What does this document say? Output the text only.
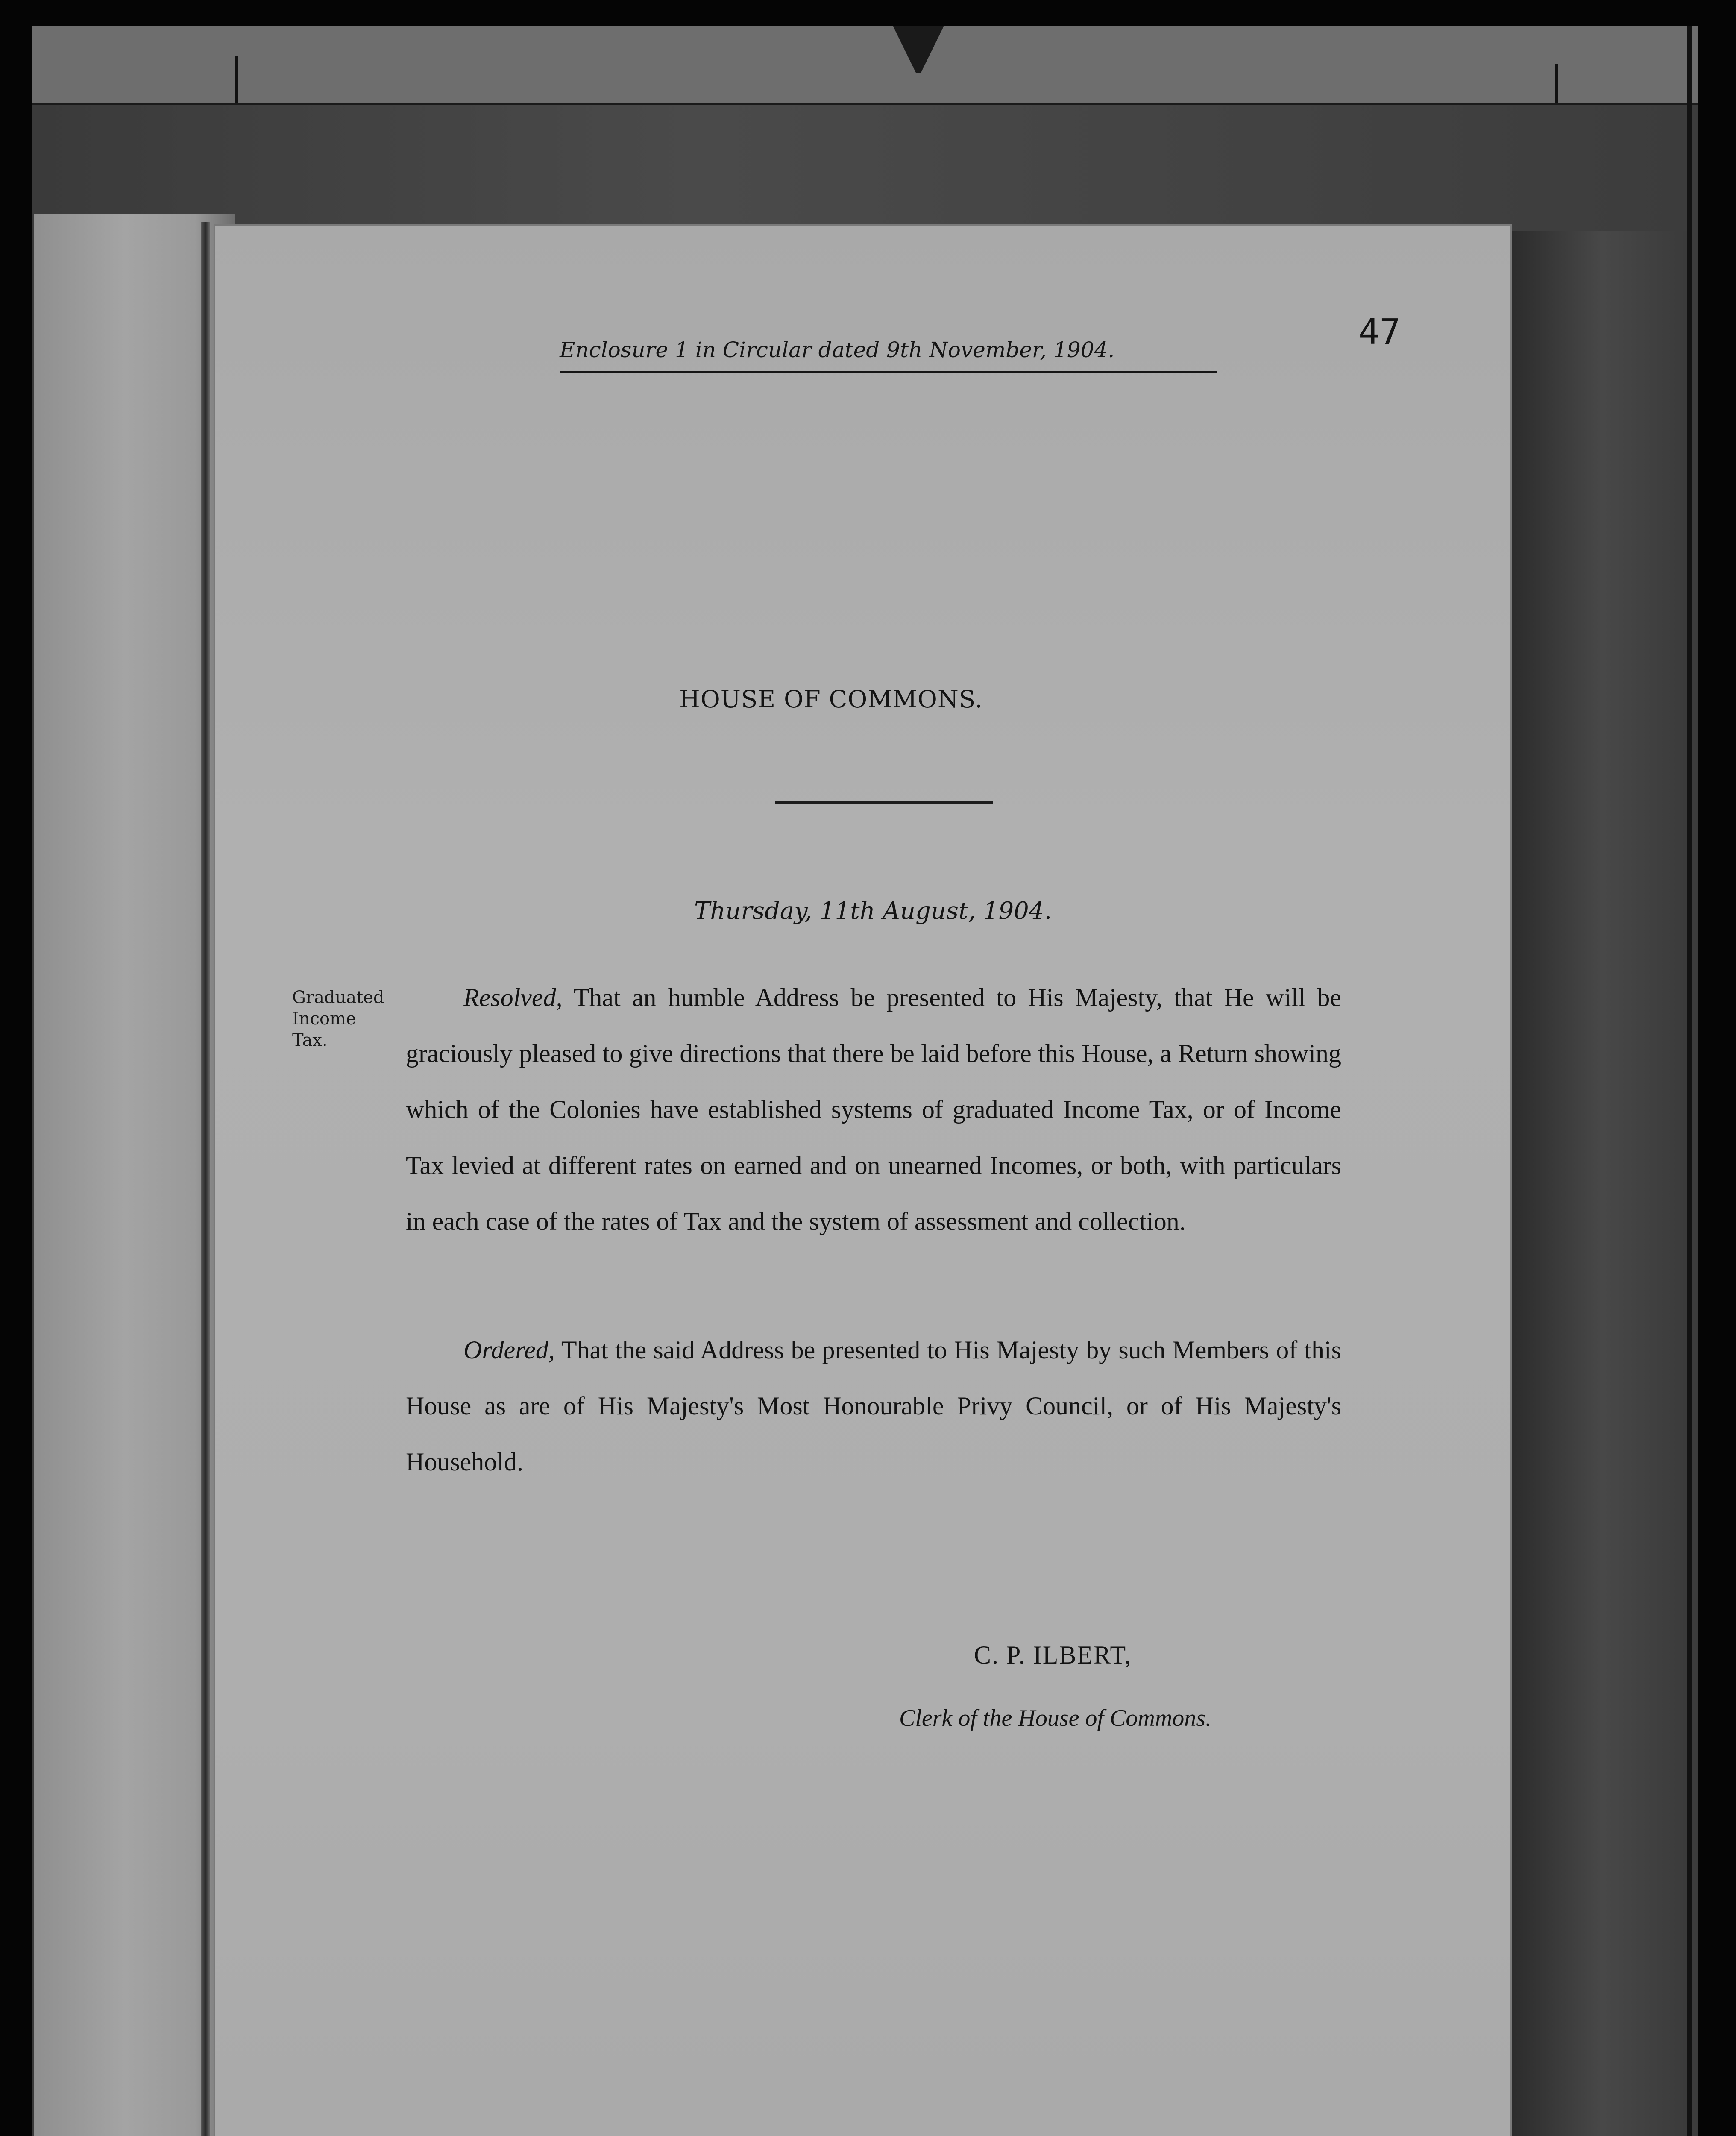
Enclosure 1 in Circular dated 9th November, 1904.	47
HOUSE OF COMMONS.
Thursday, 11th August, 1904.
Graduated
Income
Tax.
Resolved, That an humble Address be presented to His Majesty, that He will be graciously pleased to give directions that there be laid before this House, a Return showing which of the Colonies have established systems of graduated Income Tax, or of Income Tax levied at different rates on earned and on unearned Incomes, or both, with particulars in each case of the rates of Tax and the system of assessment and collection.
Ordered, That the said Address be presented to His Majesty by such Members of this House as are of His Majesty's Most Honourable Privy Council, or of His Majesty's Household.
C. P. ILBERT,
Clerk of the House of Commons.
